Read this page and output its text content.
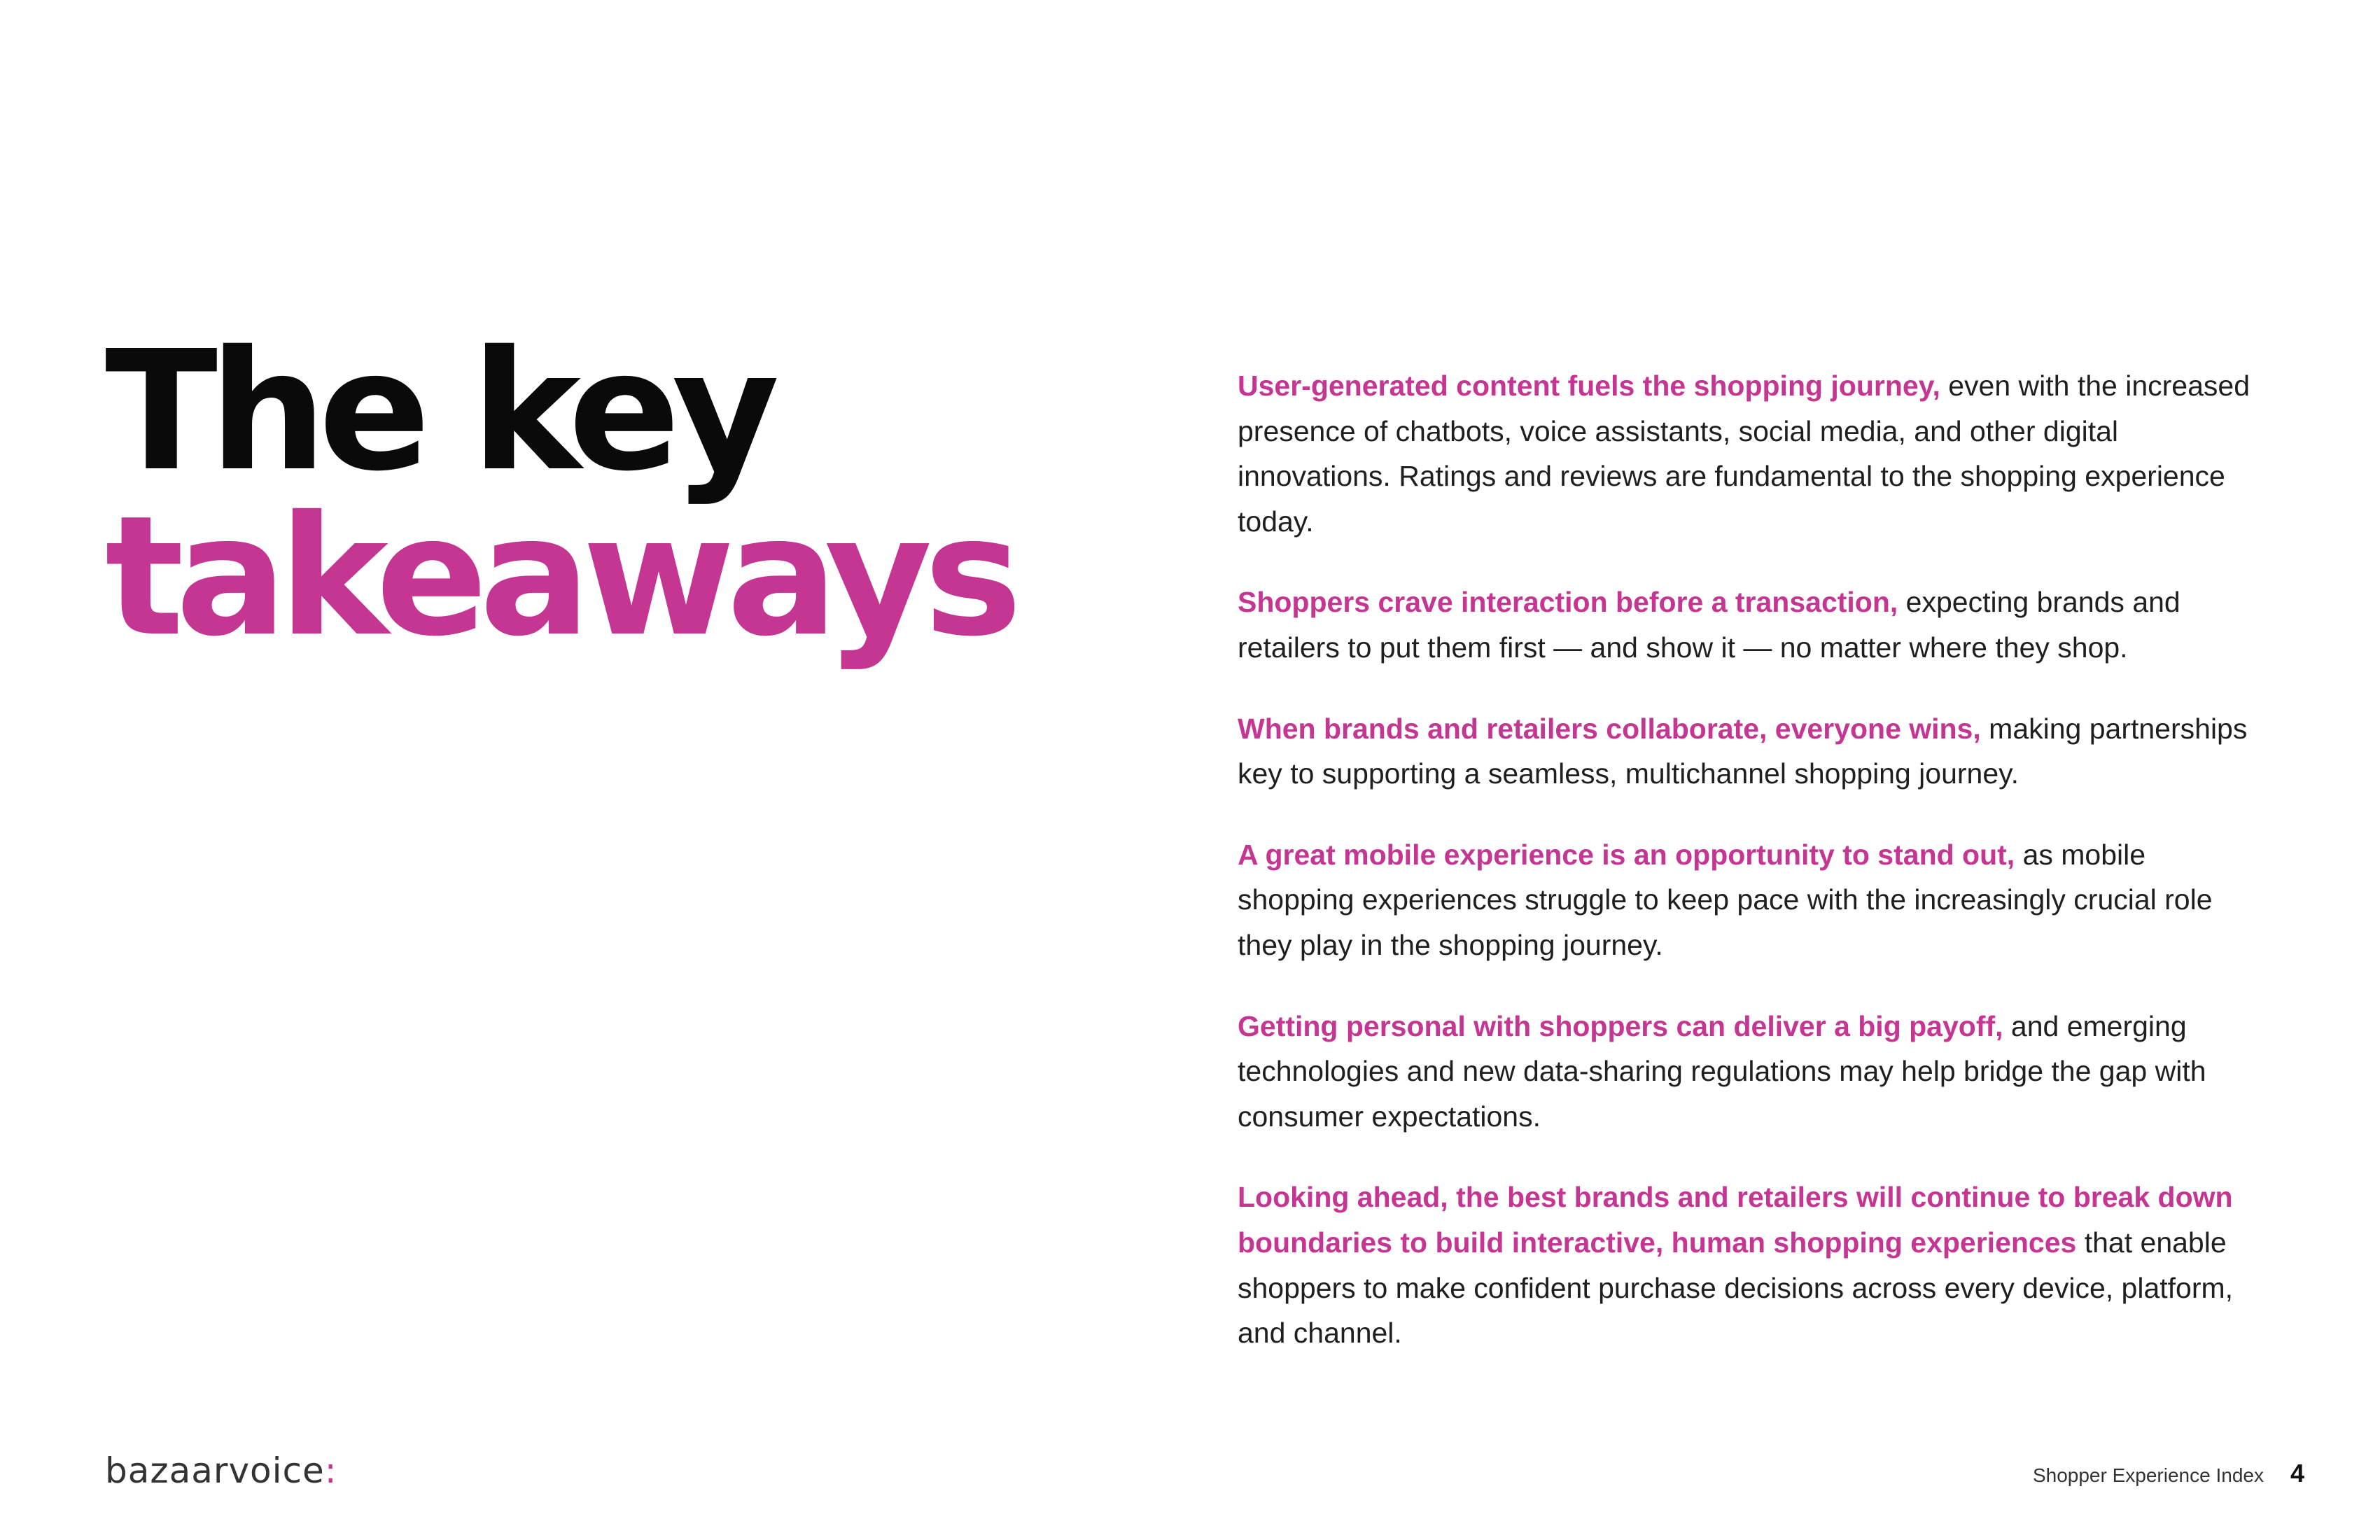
The key
takeaways

User-generated content fuels the shopping journey, even with the increased presence of chatbots, voice assistants, social media, and other digital innovations. Ratings and reviews are fundamental to the shopping experience today.

Shoppers crave interaction before a transaction, expecting brands and retailers to put them first — and show it — no matter where they shop.

When brands and retailers collaborate, everyone wins, making partnerships key to supporting a seamless, multichannel shopping journey.

A great mobile experience is an opportunity to stand out, as mobile shopping experiences struggle to keep pace with the increasingly crucial role they play in the shopping journey.

Getting personal with shoppers can deliver a big payoff, and emerging technologies and new data-sharing regulations may help bridge the gap with consumer expectations.

Looking ahead, the best brands and retailers will continue to break down boundaries to build interactive, human shopping experiences that enable shoppers to make confident purchase decisions across every device, platform, and channel.

bazaarvoice:	Shopper Experience Index 4
